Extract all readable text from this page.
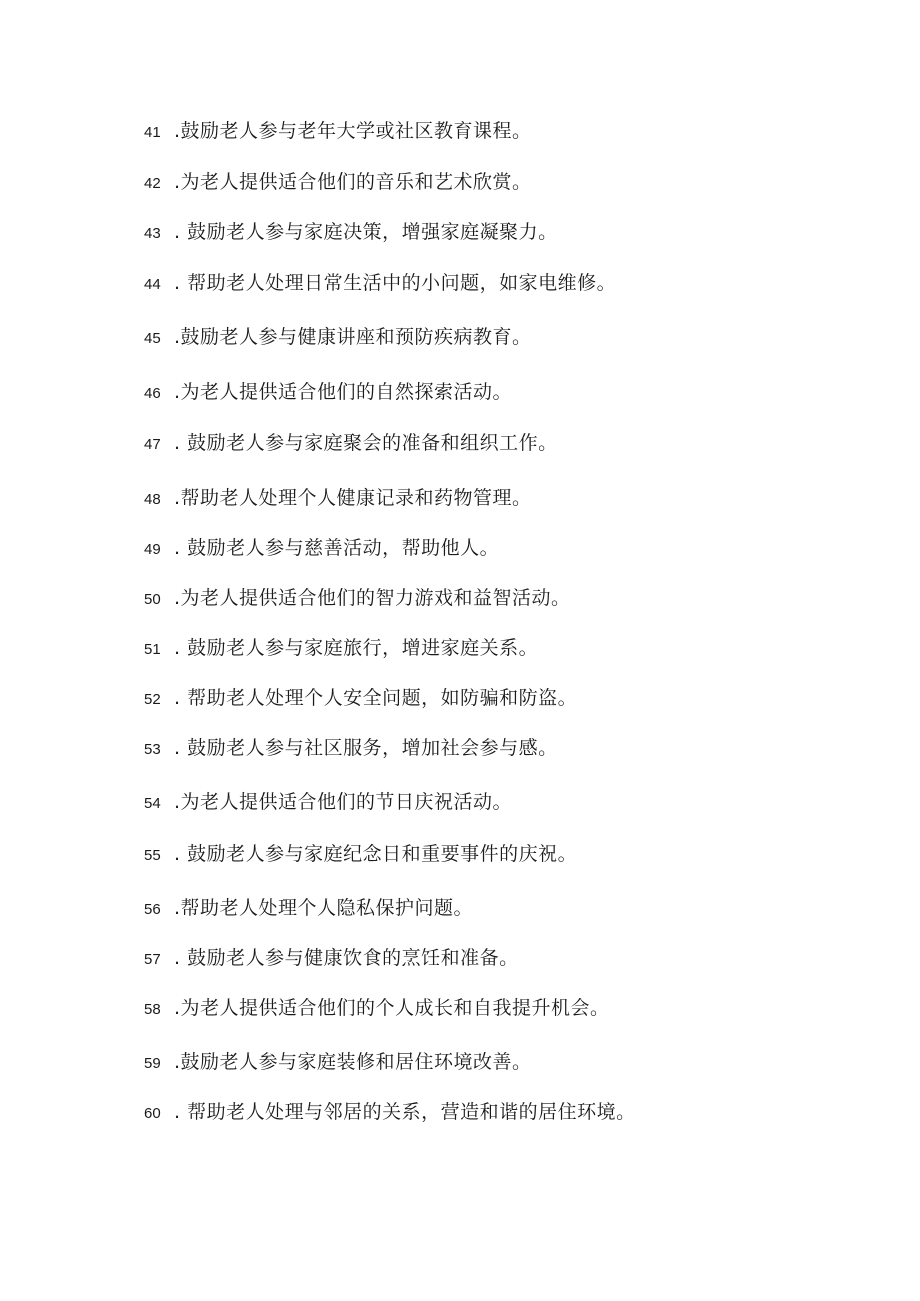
41 .鼓励老人参与老年大学或社区教育课程。
42 .为老人提供适合他们的音乐和艺术欣赏。
43 . 鼓励老人参与家庭决策，增强家庭凝聚力。
44 . 帮助老人处理日常生活中的小问题，如家电维修。
45 .鼓励老人参与健康讲座和预防疾病教育。
46 .为老人提供适合他们的自然探索活动。
47 . 鼓励老人参与家庭聚会的准备和组织工作。
48 .帮助老人处理个人健康记录和药物管理。
49 . 鼓励老人参与慈善活动，帮助他人。
50 .为老人提供适合他们的智力游戏和益智活动。
51 . 鼓励老人参与家庭旅行，增进家庭关系。
52 . 帮助老人处理个人安全问题，如防骗和防盗。
53 . 鼓励老人参与社区服务，增加社会参与感。
54 .为老人提供适合他们的节日庆祝活动。
55 . 鼓励老人参与家庭纪念日和重要事件的庆祝。
56 .帮助老人处理个人隐私保护问题。
57 . 鼓励老人参与健康饮食的烹饪和准备。
58 .为老人提供适合他们的个人成长和自我提升机会。
59 .鼓励老人参与家庭装修和居住环境改善。
60 . 帮助老人处理与邻居的关系，营造和谐的居住环境。
